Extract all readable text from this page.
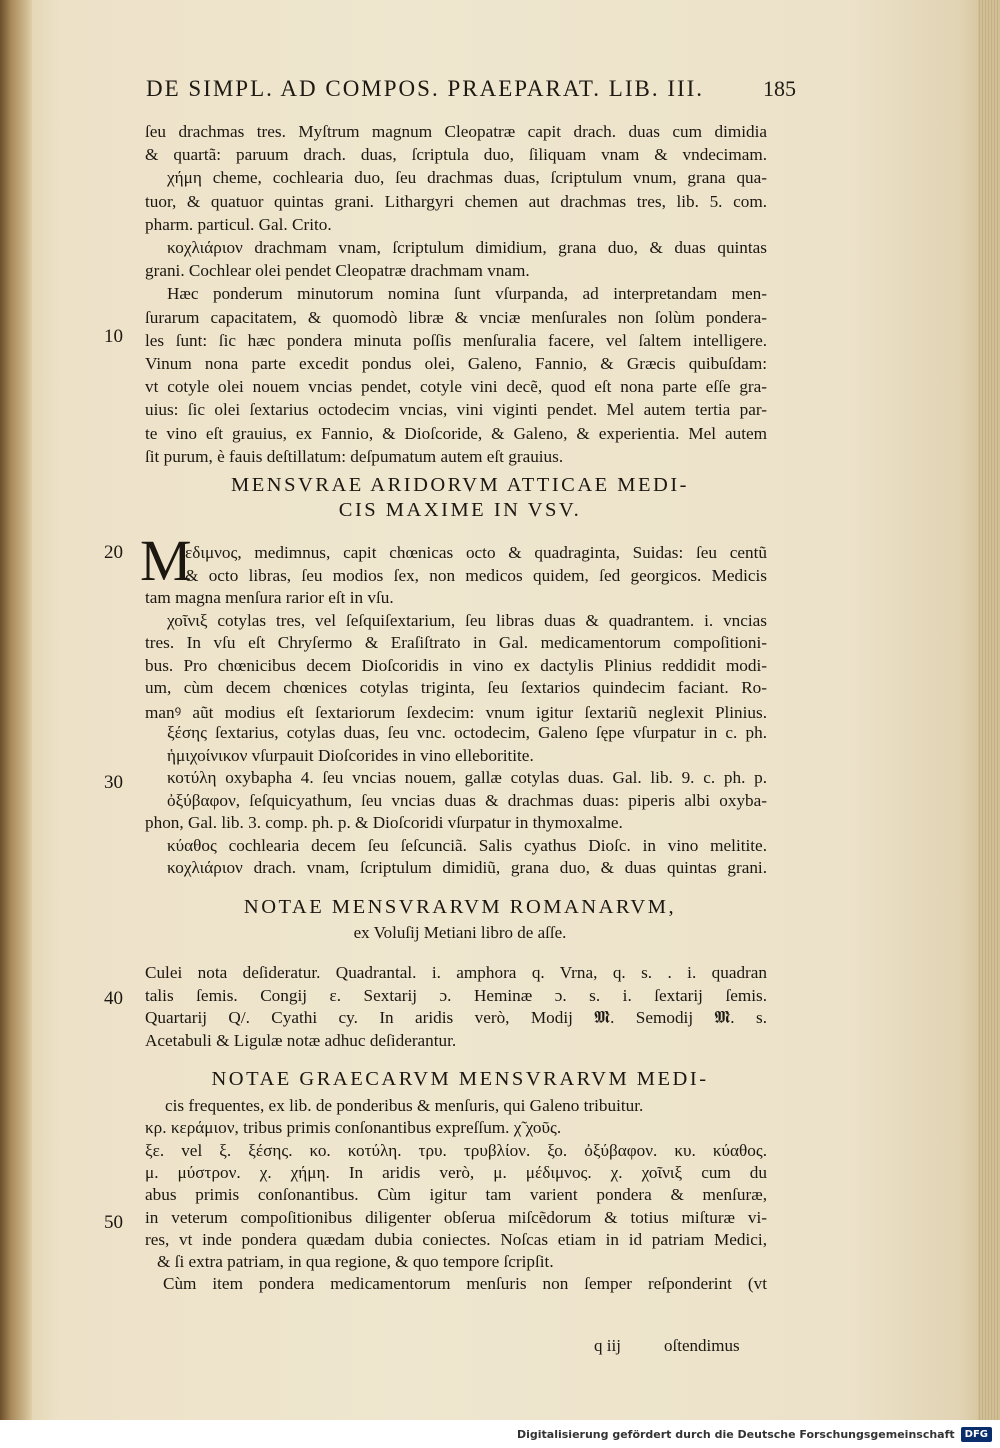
DE SIMPL. AD COMPOS. PRAEPARAT. LIB. III.	185
ſeu drachmas tres. Myſtrum magnum Cleopatræ capit drach. duas cum dimidia
& quartã: paruum drach. duas, ſcriptula duo, ſiliquam vnam & vndecimam.
χήμη cheme, cochlearia duo, ſeu drachmas duas, ſcriptulum vnum, grana qua-
tuor, & quatuor quintas grani. Lithargyri chemen aut drachmas tres, lib. 5. com.
pharm. particul. Gal. Crito.
κοχλιάριον drachmam vnam, ſcriptulum dimidium, grana duo, & duas quintas
grani. Cochlear olei pendet Cleopatræ drachmam vnam.
Hæc ponderum minutorum nomina ſunt vſurpanda, ad interpretandam men-
ſurarum capacitatem, & quomodò libræ & vnciæ menſurales non ſolùm pondera-
les ſunt: ſic hæc pondera minuta poſſis menſuralia facere, vel ſaltem intelligere.
Vinum nona parte excedit pondus olei, Galeno, Fannio, & Græcis quibuſdam:
vt cotyle olei nouem vncias pendet, cotyle vini decẽ, quod eſt nona parte eſſe gra-
uius: ſic olei ſextarius octodecim vncias, vini viginti pendet. Mel autem tertia par-
te vino eſt grauius, ex Fannio, & Dioſcoride, & Galeno, & experientia. Mel autem
ſit purum, è fauis deſtillatum: deſpumatum autem eſt grauius.
MENSVRAE ARIDORVM ATTICAE MEDI-
CIS MAXIME IN VSV.
M
εδιμνος, medimnus, capit chœnicas octo & quadraginta, Suidas: ſeu centũ
& octo libras, ſeu modios ſex, non medicos quidem, ſed georgicos. Medicis
tam magna menſura rarior eſt in vſu.
χοῖνιξ cotylas tres, vel ſeſquiſextarium, ſeu libras duas & quadrantem. i. vncias
tres. In vſu eſt Chryſermo & Eraſiſtrato in Gal. medicamentorum compoſitioni-
bus. Pro chœnicibus decem Dioſcoridis in vino ex dactylis Plinius reddidit modi-
um, cùm decem chœnices cotylas triginta, ſeu ſextarios quindecim faciant. Ro-
manꝰ aũt modius eſt ſextariorum ſexdecim: vnum igitur ſextariũ neglexit Plinius.
ξέσης ſextarius, cotylas duas, ſeu vnc. octodecim, Galeno ſępe vſurpatur in c. ph.
ἡμιχοίνικον vſurpauit Dioſcorides in vino elleboritite.
κοτύλη oxybapha 4. ſeu vncias nouem, gallæ cotylas duas. Gal. lib. 9. c. ph. p.
ὀξύβαφον, ſeſquicyathum, ſeu vncias duas & drachmas duas: piperis albi oxyba-
phon, Gal. lib. 3. comp. ph. p. & Dioſcoridi vſurpatur in thymoxalme.
κύαθος cochlearia decem ſeu ſeſcunciã. Salis cyathus Dioſc. in vino melitite.
κοχλιάριον drach. vnam, ſcriptulum dimidiũ, grana duo, & duas quintas grani.
NOTAE MENSVRARVM ROMANARVM,
ex Voluſij Metiani libro de aſſe.
Culei nota deſideratur. Quadrantal. i. amphora q. Vrna, q. s. . i. quadran
talis ſemis. Congij ε. Sextarij ɔ. Heminæ ɔ. s. i. ſextarij ſemis.
Quartarij Q/. Cyathi cy. In aridis verò, Modij 𝕸. Semodij 𝕸. s.
Acetabuli & Ligulæ notæ adhuc deſiderantur.
NOTAE GRAECARVM MENSVRARVM MEDI-
cis frequentes, ex lib. de ponderibus & menſuris, qui Galeno tribuitur.
κρ. κεράμιον, tribus primis conſonantibus expreſſum. χ̃ χοῦς.
ξε. vel ξ. ξέσης. κο. κοτύλη. τρυ. τρυβλίον. ξο. ὀξύβαφον. κυ. κύαθος.
μ. μύστρον. χ. χήμη. In aridis verò, μ. μέδιμνος. χ. χοῖνιξ cum du
abus primis conſonantibus. Cùm igitur tam varient pondera & menſuræ,
in veterum compoſitionibus diligenter obſerua miſcẽdorum & totius miſturæ vi-
res, vt inde pondera quædam dubia coniectes. Noſcas etiam in id patriam Medici,
& ſi extra patriam, in qua regione, & quo tempore ſcripſit.
Cùm item pondera medicamentorum menſuris non ſemper reſponderint (vt
q iij	oſtendimus
10
20
30
40
50
Digitalisierung gefördert durch die Deutsche Forschungsgemeinschaft	DFG
